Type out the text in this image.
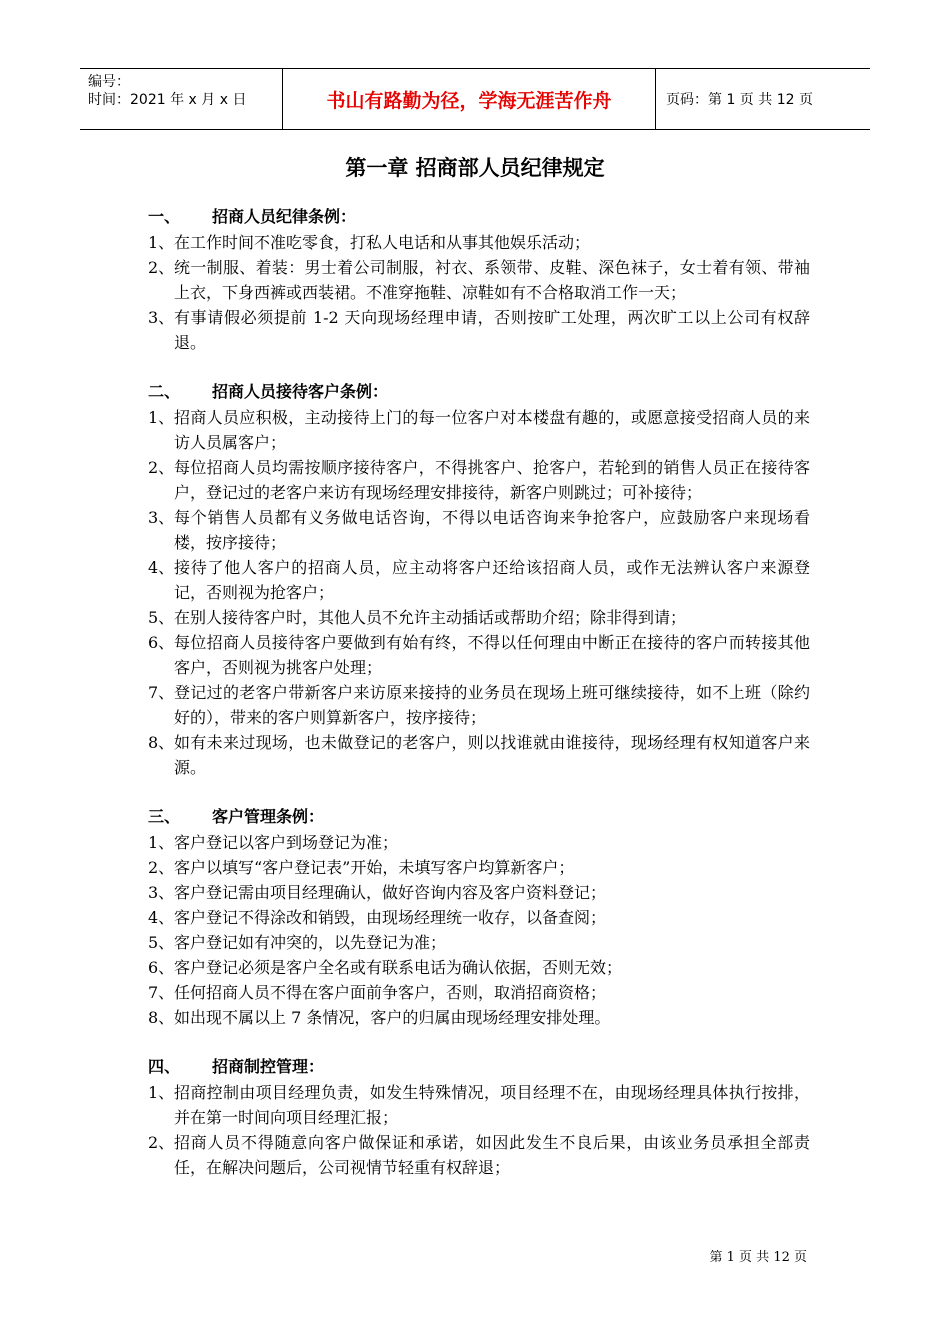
编号：
时间：2021 年 x 月 x 日	书山有路勤为径，学海无涯苦作舟	页码：第 1 页 共 12 页
第一章 招商部人员纪律规定
一、	招商人员纪律条例：
1、 在工作时间不准吃零食，打私人电话和从事其他娱乐活动；
2、 统一制服、着装：男士着公司制服，衬衣、系领带、皮鞋、深色袜子，女士着有领、带袖上衣，下身西裤或西装裙。不准穿拖鞋、凉鞋如有不合格取消工作一天；
3、 有事请假必须提前 1-2 天向现场经理申请，否则按旷工处理，两次旷工以上公司有权辞退。
二、	招商人员接待客户条例：
1、 招商人员应积极，主动接待上门的每一位客户对本楼盘有趣的，或愿意接受招商人员的来访人员属客户；
2、 每位招商人员均需按顺序接待客户，不得挑客户、抢客户，若轮到的销售人员正在接待客户，登记过的老客户来访有现场经理安排接待，新客户则跳过；可补接待；
3、 每个销售人员都有义务做电话咨询，不得以电话咨询来争抢客户，应鼓励客户来现场看楼，按序接待；
4、 接待了他人客户的招商人员，应主动将客户还给该招商人员，或作无法辨认客户来源登记，否则视为抢客户；
5、 在别人接待客户时，其他人员不允许主动插话或帮助介绍；除非得到请；
6、 每位招商人员接待客户要做到有始有终，不得以任何理由中断正在接待的客户而转接其他客户，否则视为挑客户处理；
7、 登记过的老客户带新客户来访原来接持的业务员在现场上班可继续接待，如不上班（除约好的），带来的客户则算新客户，按序接待；
8、 如有未来过现场，也未做登记的老客户，则以找谁就由谁接待，现场经理有权知道客户来源。
三、	客户管理条例：
1、 客户登记以客户到场登记为准；
2、 客户以填写“客户登记表”开始，未填写客户均算新客户；
3、 客户登记需由项目经理确认，做好咨询内容及客户资料登记；
4、 客户登记不得涂改和销毁，由现场经理统一收存，以备查阅；
5、 客户登记如有冲突的，以先登记为准；
6、 客户登记必须是客户全名或有联系电话为确认依据，否则无效；
7、 任何招商人员不得在客户面前争客户，否则，取消招商资格；
8、 如出现不属以上 7 条情况，客户的归属由现场经理安排处理。
四、	招商制控管理：
1、 招商控制由项目经理负责，如发生特殊情况，项目经理不在，由现场经理具体执行按排，并在第一时间向项目经理汇报；
2、 招商人员不得随意向客户做保证和承诺，如因此发生不良后果，由该业务员承担全部责任，在解决问题后，公司视情节轻重有权辞退；
第 1 页 共 12 页
